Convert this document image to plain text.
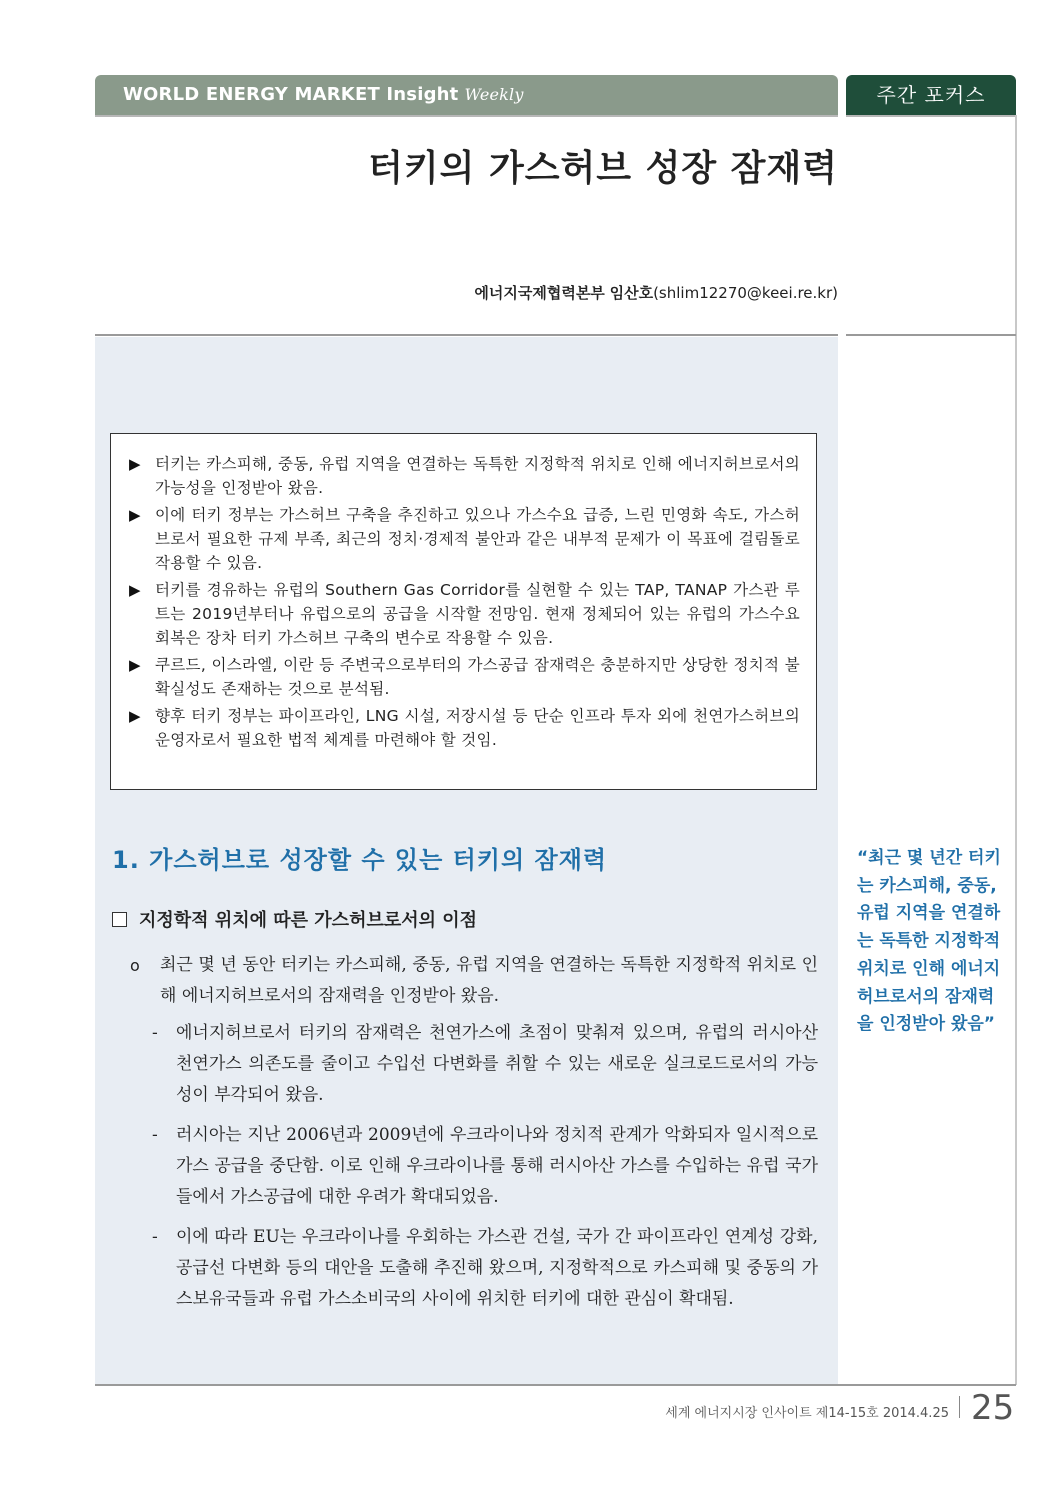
WORLD ENERGY MARKET Insight Weekly	주간 포커스
터키의 가스허브 성장 잠재력
에너지국제협력본부 임산호(shlim12270@keei.re.kr)
▶ 터키는 카스피해, 중동, 유럽 지역을 연결하는 독특한 지정학적 위치로 인해 에너지허브로서의 가능성을 인정받아 왔음.
▶ 이에 터키 정부는 가스허브 구축을 추진하고 있으나 가스수요 급증, 느린 민영화 속도, 가스허브로서 필요한 규제 부족, 최근의 정치·경제적 불안과 같은 내부적 문제가 이 목표에 걸림돌로 작용할 수 있음.
▶ 터키를 경유하는 유럽의 Southern Gas Corridor를 실현할 수 있는 TAP, TANAP 가스관 루트는 2019년부터나 유럽으로의 공급을 시작할 전망임. 현재 정체되어 있는 유럽의 가스수요 회복은 장차 터키 가스허브 구축의 변수로 작용할 수 있음.
▶ 쿠르드, 이스라엘, 이란 등 주변국으로부터의 가스공급 잠재력은 충분하지만 상당한 정치적 불확실성도 존재하는 것으로 분석됨.
▶ 향후 터키 정부는 파이프라인, LNG 시설, 저장시설 등 단순 인프라 투자 외에 천연가스허브의 운영자로서 필요한 법적 체계를 마련해야 할 것임.
1. 가스허브로 성장할 수 있는 터키의 잠재력
지정학적 위치에 따른 가스허브로서의 이점
ο	최근 몇 년 동안 터키는 카스피해, 중동, 유럽 지역을 연결하는 독특한 지정학적 위치로 인해 에너지허브로서의 잠재력을 인정받아 왔음.
-	에너지허브로서 터키의 잠재력은 천연가스에 초점이 맞춰져 있으며, 유럽의 러시아산 천연가스 의존도를 줄이고 수입선 다변화를 취할 수 있는 새로운 실크로드로서의 가능성이 부각되어 왔음.
-	러시아는 지난 2006년과 2009년에 우크라이나와 정치적 관계가 악화되자 일시적으로 가스 공급을 중단함. 이로 인해 우크라이나를 통해 러시아산 가스를 수입하는 유럽 국가들에서 가스공급에 대한 우려가 확대되었음.
-	이에 따라 EU는 우크라이나를 우회하는 가스관 건설, 국가 간 파이프라인 연계성 강화, 공급선 다변화 등의 대안을 도출해 추진해 왔으며, 지정학적으로 카스피해 및 중동의 가스보유국들과 유럽 가스소비국의 사이에 위치한 터키에 대한 관심이 확대됨.
“최근 몇 년간 터키는 카스피해, 중동, 유럽 지역을 연결하는 독특한 지정학적 위치로 인해 에너지허브로서의 잠재력을 인정받아 왔음”
세계 에너지시장 인사이트 제14-15호 2014.4.25 25
